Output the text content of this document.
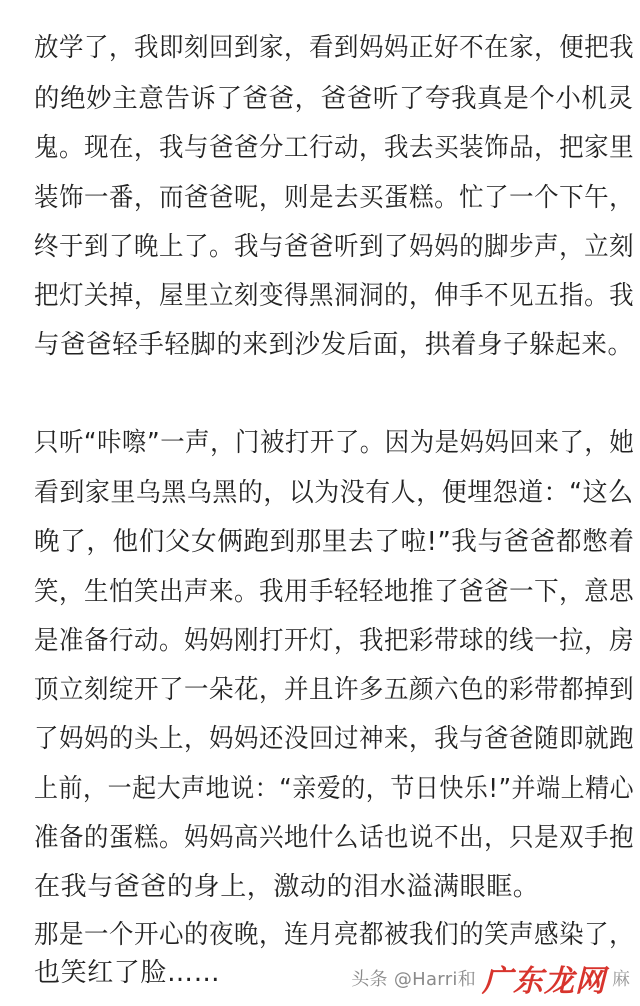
放学了，我即刻回到家，看到妈妈正好不在家，便把我
的绝妙主意告诉了爸爸，爸爸听了夸我真是个小机灵
鬼。现在，我与爸爸分工行动，我去买装饰品，把家里
装饰一番，而爸爸呢，则是去买蛋糕。忙了一个下午，
终于到了晚上了。我与爸爸听到了妈妈的脚步声，立刻
把灯关掉，屋里立刻变得黑洞洞的，伸手不见五指。我
与爸爸轻手轻脚的来到沙发后面，拱着身子躲起来。
只听“咔嚓”一声，门被打开了。因为是妈妈回来了，她
看到家里乌黑乌黑的，以为没有人，便埋怨道：“这么
晚了，他们父女俩跑到那里去了啦!”我与爸爸都憋着
笑，生怕笑出声来。我用手轻轻地推了爸爸一下，意思
是准备行动。妈妈刚打开灯，我把彩带球的线一拉，房
顶立刻绽开了一朵花，并且许多五颜六色的彩带都掉到
了妈妈的头上，妈妈还没回过神来，我与爸爸随即就跑
上前，一起大声地说：“亲爱的，节日快乐!”并端上精心
准备的蛋糕。妈妈高兴地什么话也说不出，只是双手抱
在我与爸爸的身上，激动的泪水溢满眼眶。
那是一个开心的夜晚，连月亮都被我们的笑声感染了，
也笑红了脸……	头条 @Harri和 广东龙网 麻
